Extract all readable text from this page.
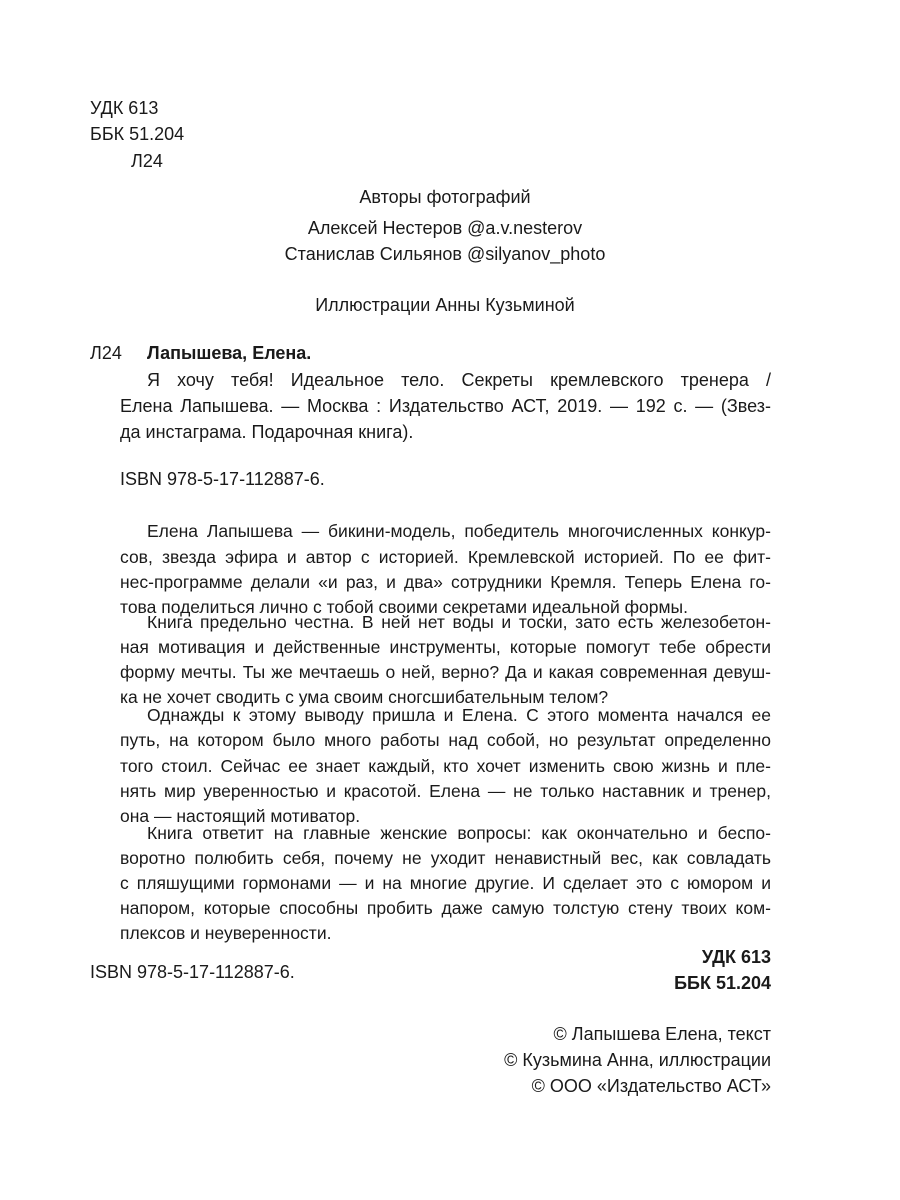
УДК 613
ББК 51.204
Л24
Авторы фотографий
Алексей Нестеров @a.v.nesterov
Станислав Сильянов @silyanov_photo
Иллюстрации Анны Кузьминой
Л24 Лапышева, Елена.
Я хочу тебя! Идеальное тело. Секреты кремлевского тренера /
Елена Лапышева. — Москва : Издательство АСТ, 2019. — 192 с. — (Звез-
да инстаграма. Подарочная книга).
ISBN 978-5-17-112887-6.
Елена Лапышева — бикини-модель, победитель многочисленных конкур-
сов, звезда эфира и автор с историей. Кремлевской историей. По ее фит-
нес-программе делали «и раз, и два» сотрудники Кремля. Теперь Елена го-
това поделиться лично с тобой своими секретами идеальной формы.
Книга предельно честна. В ней нет воды и тоски, зато есть железобетон-
ная мотивация и действенные инструменты, которые помогут тебе обрести
форму мечты. Ты же мечтаешь о ней, верно? Да и какая современная девуш-
ка не хочет сводить с ума своим сногсшибательным телом?
Однажды к этому выводу пришла и Елена. С этого момента начался ее
путь, на котором было много работы над собой, но результат определенно
того стоил. Сейчас ее знает каждый, кто хочет изменить свою жизнь и пле-
нять мир уверенностью и красотой. Елена — не только наставник и тренер,
она — настоящий мотиватор.
Книга ответит на главные женские вопросы: как окончательно и беспо-
воротно полюбить себя, почему не уходит ненавистный вес, как совладать
с пляшущими гормонами — и на многие другие. И сделает это с юмором и
напором, которые способны пробить даже самую толстую стену твоих ком-
плексов и неуверенности.
УДК 613
ББК 51.204
ISBN 978-5-17-112887-6.
© Лапышева Елена, текст
© Кузьмина Анна, иллюстрации
© ООО «Издательство АСТ»
